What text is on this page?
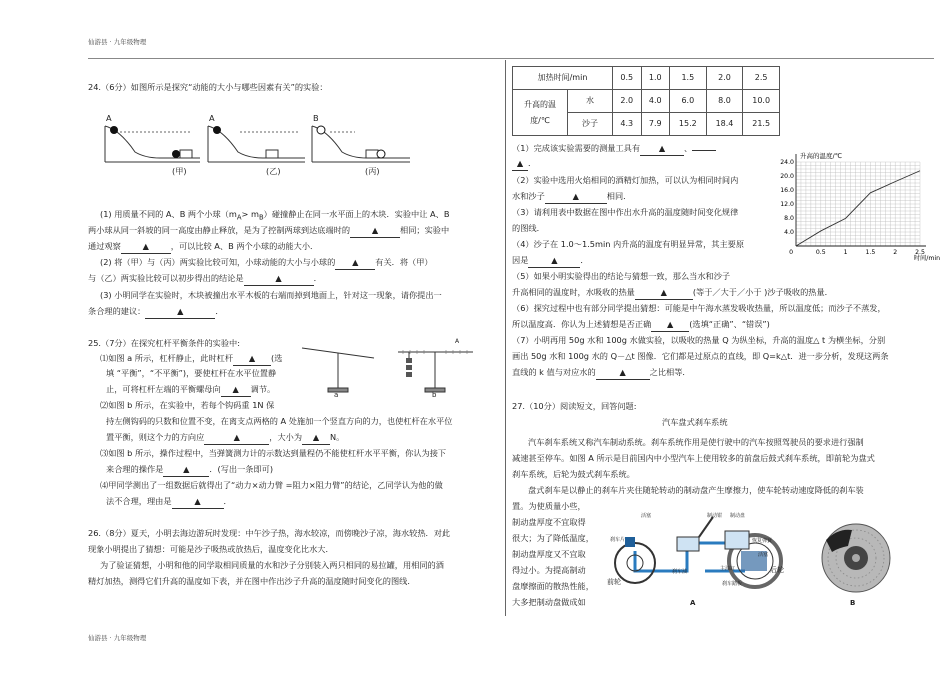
仙游县 · 九年级物理
仙游县 · 九年级物理
24.（6分）如图所示是探究“动能的大小与哪些因素有关”的实验：
A	A	B
(甲)	(乙)	(丙)
(1) 用质量不同的 A、B 两个小球$(m_A> m_B)$碰撞静止在同一水平面上的木块．实验中让 A、B
两小球从同一斜坡的同一高度由静止释放，是为了控制两球到达底端时的	▲	相同；实验中
通过观察	▲	，可以比较 A、B 两个小球的动能大小．
(2) 将（甲）与（丙）两实验比较可知，小球动能的大小与小球的 ▲ 有关．将（甲）
与（乙）两实验比较可以初步得出的结论是	▲	．
(3) 小明同学在实验时，木块被撞出水平木板的右端而掉到地面上，针对这一现象，请你提出一
条合理的建议：	▲	．
25.（7分）在探究杠杆平衡条件的实验中:
⑴如图 a 所示，杠杆静止，此时杠杆 ▲ (选
填 “平衡”，“不平衡”)，要使杠杆在水平位置静
止，可将杠杆左端的平衡螺母向 ▲ 调节。
⑵如图 b 所示，在实验中，若每个钩码重 1N 保
持左侧钩码的只数和位置不变，在离支点两格的 A 处施加一个竖直方向的力，也使杠杆在水平位
置平衡，则这个力的方向应	▲	，大小为 ▲ N。
⑶如图 b 所示，操作过程中，当弹簧测力计的示数达到量程仍不能使杠杆水平平衡，你认为接下
来合理的操作是 ▲ ．(写出一条即可)
⑷甲同学测出了一组数据后就得出了“动力×动力臂 =阻力×阻力臂”的结论，乙同学认为他的做
法不合理，理由是	▲	．
a	b
A
26.（8分）夏天，小明去海边游玩时发现：中午沙子热，海水较凉，而傍晚沙子凉，海水较热．对此
现象小明提出了猜想：可能是沙子吸热或放热后，温度变化比水大．
为了验证猜想，小明和他的同学取相同质量的水和沙子分别装入两只相同的易拉罐，用相同的酒
精灯加热，测得它们升高的温度如下表，并在图中作出沙子升高的温度随时间变化的图线．
加热时间/min		0.5	1.0	1.5	2.0	2.5
升高的温
度/℃	水	2.0	4.0	6.0	8.0	10.0
	沙子	4.3	7.9	15.2	18.4	21.5
（1）完成该实验需要的测量工具有 ▲ 、
▲ ．
（2）实验中选用火焰相同的酒精灯加热，可以认为相同时间内
水和沙子	▲	相同．
（3）请利用表中数据在图中作出水升高的温度随时间变化规律
的图线．
（4）沙子在 1.0～1.5min 内升高的温度有明显异常，其主要原
因是	▲	．
（5）如果小明实验得出的结论与猜想一致，那么当水和沙子
升高相同的温度时，水吸收的热量	▲	(等于／大于／小于 )沙子吸收的热量．
（6）探究过程中也有部分同学提出猜想：可能是中午海水蒸发吸收热量，所以温度低；而沙子不蒸发，
所以温度高．你认为上述猜想是否正确 ▲ (选填“正确”、“错误”)
（7）小明再用 50g 水和 100g 水做实验，以吸收的热量 Q 为纵坐标，升高的温度△ t 为横坐标，分别
画出 50g 水和 100g 水的 Q－△t 图像．它们都是过原点的直线，即 Q=k△t．进一步分析，发现这两条
直线的 k 值与对应水的	▲	之比相等．
4.0
8.0
12.0
16.0
20.0
24.0
0.5	1	1.5	2	2.5
0
升高的温度/℃
时间/min
27.（10分）阅读短文，回答问题:
汽车盘式刹车系统
汽车刹车系统又称汽车制动系统。刹车系统作用是使行驶中的汽车按照驾驶员的要求进行强制
减速甚至停车。如图 A 所示是目前国内中小型汽车上使用较多的前盘后鼓式刹车系统，即前轮为盘式
刹车系统，后轮为鼓式刹车系统。
盘式刹车是以静止的刹车片夹住随轮转动的制动盘产生摩擦力，使车轮转动速度降低的刹车装
置。为使质量小些，
制动盘厚度不宜取得
很大；为了降低温度，
制动盘厚度又不宜取
得过小。为提高制动
盘摩擦面的散热性能，
大多把制动盘做成如
前轮
后轮
A
活塞	制动钳
刹车片
制动盘
主油缸
刹车踏板
刹车油
恢复弹簧
活塞
B
